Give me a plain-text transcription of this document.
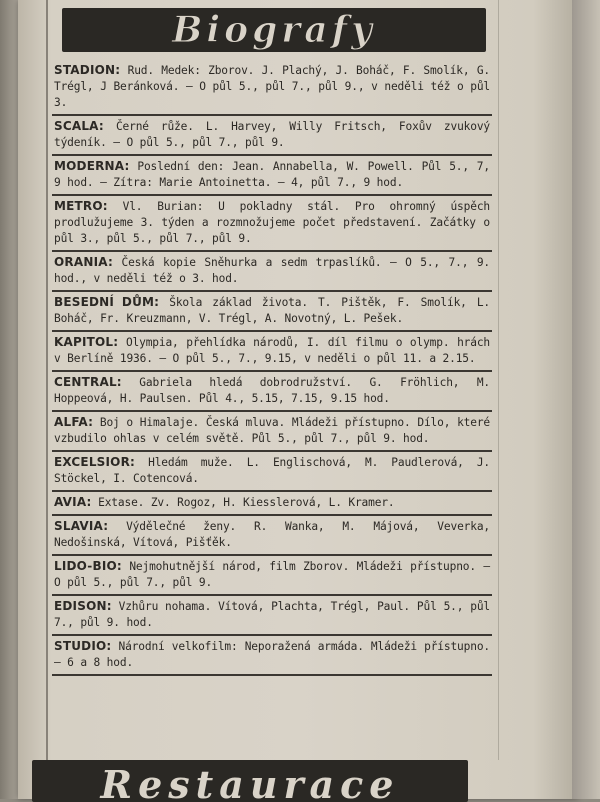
Biografy
STADION: Rud. Medek: Zborov. J. Plachý, J. Boháč, F. Smolík, G. Trégl, J Beránková. — O půl 5., půl 7., půl 9., v neděli též o půl 3.
SCALA: Černé růže. L. Harvey, Willy Fritsch, Foxův zvukový týdeník. — O půl 5., půl 7., půl 9.
MODERNA: Poslední den: Jean. Annabella, W. Powell. Půl 5., 7, 9 hod. — Zítra: Marie Antoinetta. — 4, půl 7., 9 hod.
METRO: Vl. Burian: U pokladny stál. Pro ohromný úspěch prodlužujeme 3. týden a rozmnožujeme počet představení. Začátky o půl 3., půl 5., půl 7., půl 9.
ORANIA: Česká kopie Sněhurka a sedm trpaslíků. — O 5., 7., 9. hod., v neděli též o 3. hod.
BESEDNÍ DŮM: Škola základ života. T. Pištěk, F. Smolík, L. Boháč, Fr. Kreuzmann, V. Trégl, A. Novotný, L. Pešek.
KAPITOL: Olympia, přehlídka národů, I. díl filmu o olymp. hrách v Berlíně 1936. — O půl 5., 7., 9.15, v neděli o půl 11. a 2.15.
CENTRAL: Gabriela hledá dobrodružství. G. Fröhlich, M. Hoppeová, H. Paulsen. Půl 4., 5.15, 7.15, 9.15 hod.
ALFA: Boj o Himalaje. Česká mluva. Mládeži přístupno. Dílo, které vzbudilo ohlas v celém světě. Půl 5., půl 7., půl 9. hod.
EXCELSIOR: Hledám muže. L. Englischová, M. Paudlerová, J. Stöckel, I. Cotencová.
AVIA: Extase. Zv. Rogoz, H. Kiesslerová, L. Kramer.
SLAVIA: Výdělečné ženy. R. Wanka, M. Májová, Veverka, Nedošinská, Vítová, Pišťěk.
LIDO-BIO: Nejmohutnější národ, film Zborov. Mládeži přístupno. — O půl 5., půl 7., půl 9.
EDISON: Vzhůru nohama. Vítová, Plachta, Trégl, Paul. Půl 5., půl 7., půl 9. hod.
STUDIO: Národní velkofilm: Neporažená armáda. Mládeži přístupno. — 6 a 8 hod.
Restaurace
